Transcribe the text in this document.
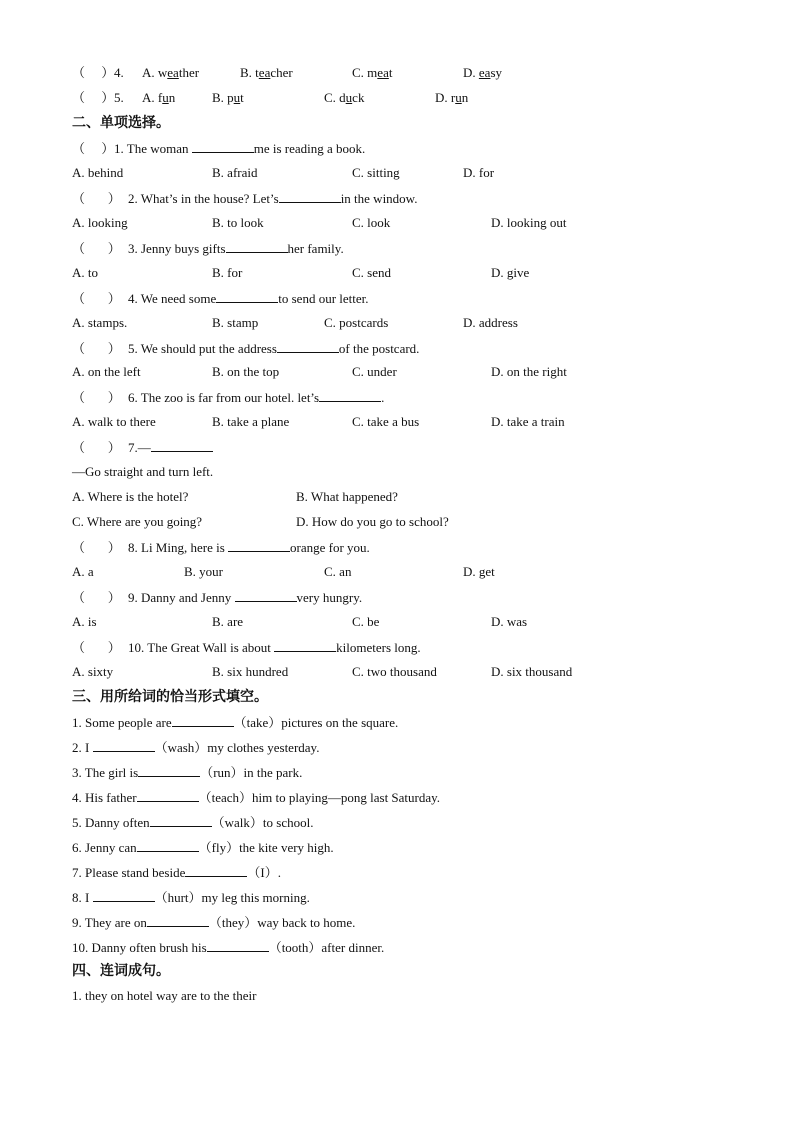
（     ）4. A. weather	B. teacher	C. meat	D. easy
（     ）5. A. fun	B. put	C. duck	D. run
二、单项选择。
（     ）1. The woman	me is reading a book.
A. behind	B. afraid	C. sitting	D. for
（       ） 2. What’s in the house? Let’s	in the window.
A. looking	B. to look	C. look	D. looking out
（       ） 3. Jenny buys gifts	her family.
A. to	B. for	C. send	D. give
（       ） 4. We need some	to send our letter.
A. stamps.	B. stamp	C. postcards	D. address
（       ） 5. We should put the address	of the postcard.
A. on the left	B. on the top	C. under	D. on the right
（       ） 6. The zoo is far from our hotel. let’s	.
A. walk to there	B. take a plane	C. take a bus	D. take a train
（       ） 7.—
—Go straight and turn left.
A. Where is the hotel?	B. What happened?
C. Where are you going?	D. How do you go to school?
（       ） 8. Li Ming, here is	orange for you.
A. a	B. your	C. an	D. get
（       ） 9. Danny and Jenny	very hungry.
A. is	B. are	C. be	D. was
（       ） 10. The Great Wall is about	kilometers long.
A. sixty	B. six hundred	C. two thousand	D. six thousand
三、用所给词的恰当形式填空。
1. Some people are	（take）pictures on the square.
2. I	（wash）my clothes yesterday.
3. The girl is	（run）in the park.
4. His father	（teach）him to playing—pong last Saturday.
5. Danny often	（walk）to school.
6. Jenny can	（fly）the kite very high.
7. Please stand beside	（I）.
8. I	（hurt）my leg this morning.
9. They are on	（they）way back to home.
10. Danny often brush his	（tooth）after dinner.
四、连词成句。
1. they on hotel way are to the their
